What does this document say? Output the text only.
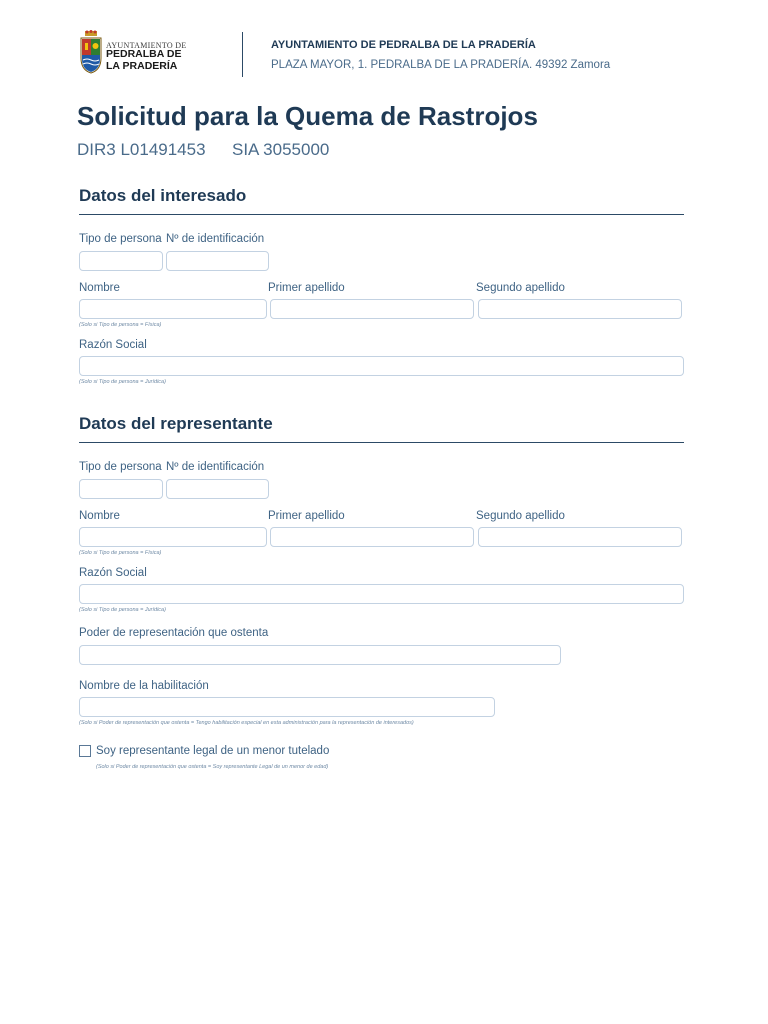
AYUNTAMIENTO DE
PEDRALBA DE
LA PRADERÍA
AYUNTAMIENTO DE PEDRALBA DE LA PRADERÍA
PLAZA MAYOR, 1. PEDRALBA DE LA PRADERÍA. 49392 Zamora
Solicitud para la Quema de Rastrojos
DIR3 L01491453 SIA 3055000
Datos del interesado
Tipo de persona Nº de identificación
Nombre	Primer apellido	Segundo apellido
(Solo si Tipo de persona = Física)
Razón Social
(Solo si Tipo de persona = Jurídica)
Datos del representante
Tipo de persona Nº de identificación
Nombre	Primer apellido	Segundo apellido
(Solo si Tipo de persona = Física)
Razón Social
(Solo si Tipo de persona = Jurídica)
Poder de representación que ostenta
Nombre de la habilitación
(Solo si Poder de representación que ostenta = Tengo habilitación especial en esta administración para la representación de interesados)
Soy representante legal de un menor tutelado
(Solo si Poder de representación que ostenta = Soy representante Legal de un menor de edad)
